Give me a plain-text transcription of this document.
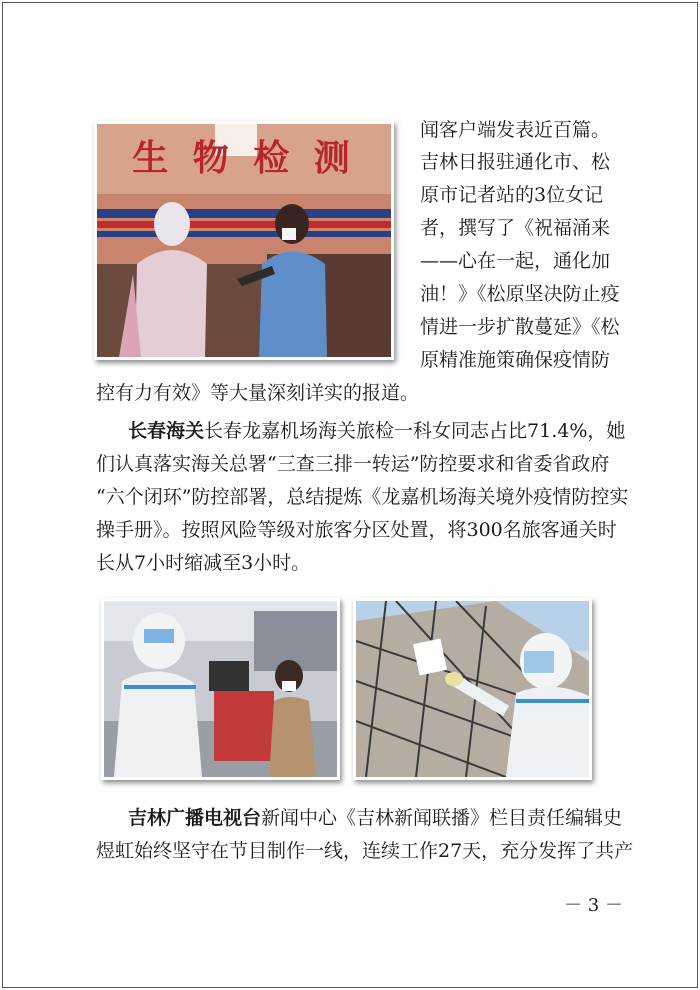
生 物 检 测
闻客户端发表近百篇。
吉林日报驻通化市、松
原市记者站的3位女记
者，撰写了《祝福涌来
——心在一起，通化加
油！》《松原坚决防止疫
情进一步扩散蔓延》《松
原精准施策确保疫情防
控有力有效》等大量深刻详实的报道。
长春海关长春龙嘉机场海关旅检一科女同志占比71.4%，她
们认真落实海关总署“三查三排一转运”防控要求和省委省政府
“六个闭环”防控部署，总结提炼《龙嘉机场海关境外疫情防控实
操手册》。按照风险等级对旅客分区处置，将300名旅客通关时
长从7小时缩减至3小时。
吉林广播电视台新闻中心《吉林新闻联播》栏目责任编辑史
煜虹始终坚守在节目制作一线，连续工作27天，充分发挥了共产
－ 3 －
